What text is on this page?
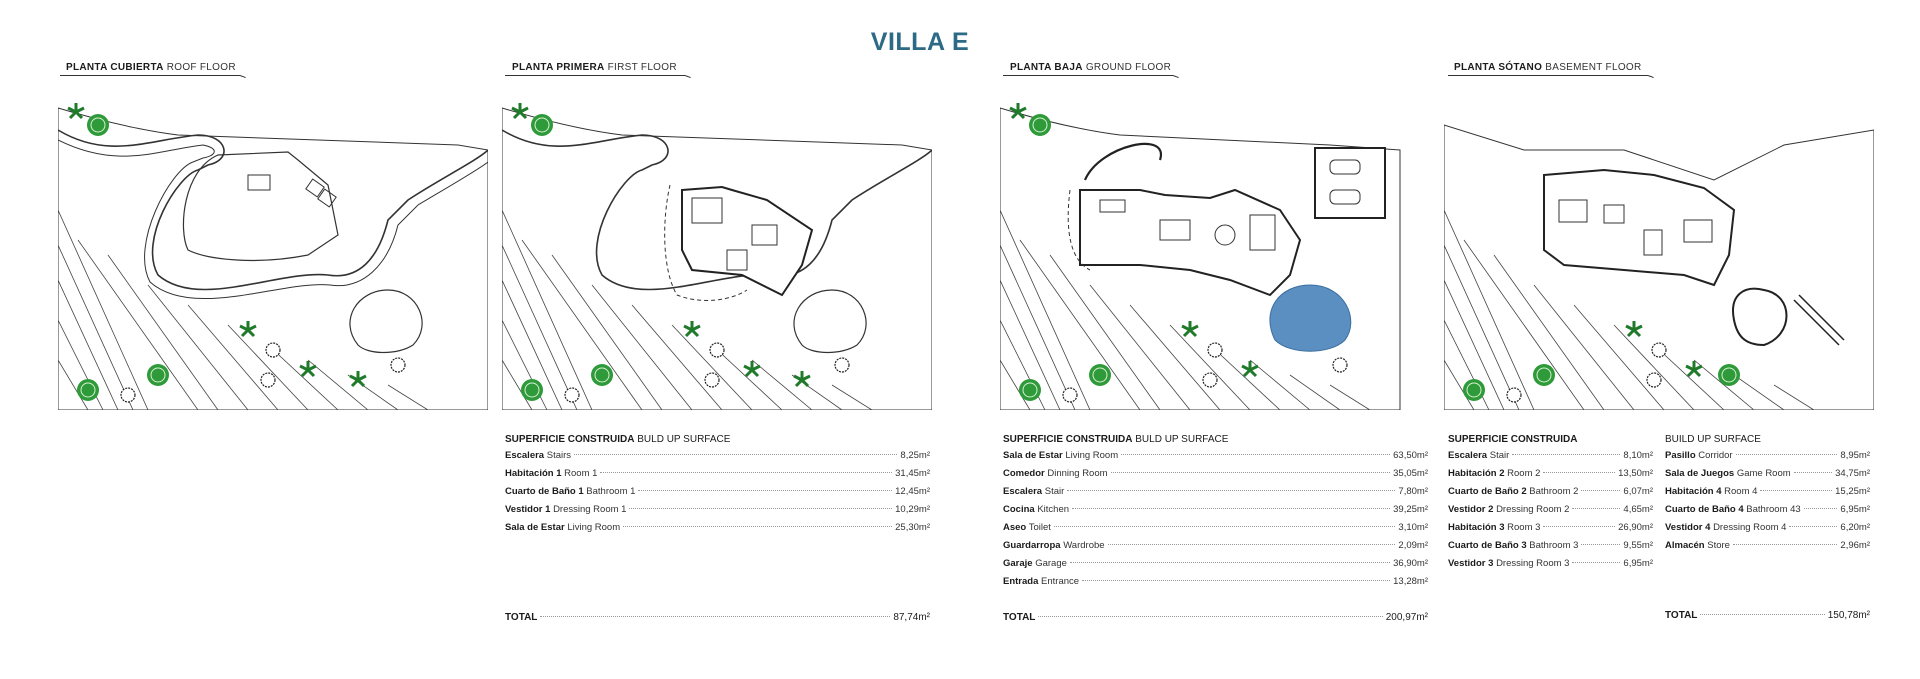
VILLA E
PLANTA CUBIERTA ROOF FLOOR	PLANTA PRIMERA FIRST FLOOR	PLANTA BAJA GROUND FLOOR	PLANTA SÓTANO BASEMENT FLOOR
SUPERFICIE CONSTRUIDA BULD UP SURFACE
Escalera Stairs	8,25m²
Habitación 1 Room 1	31,45m²
Cuarto de Baño 1 Bathroom 1	12,45m²
Vestidor 1 Dressing Room 1	10,29m²
Sala de Estar Living Room	25,30m²
TOTAL	87,74m²
SUPERFICIE CONSTRUIDA BULD UP SURFACE
Sala de Estar Living Room	63,50m²
Comedor Dinning Room	35,05m²
Escalera Stair	7,80m²
Cocina Kitchen	39,25m²
Aseo Toilet	3,10m²
Guardarropa Wardrobe	2,09m²
Garaje Garage	36,90m²
Entrada Entrance	13,28m²
TOTAL	200,97m²
SUPERFICIE CONSTRUIDA
Escalera Stair	8,10m²
Habitación 2 Room 2	13,50m²
Cuarto de Baño 2 Bathroom 2	6,07m²
Vestidor 2 Dressing Room 2	4,65m²
Habitación 3 Room 3	26,90m²
Cuarto de Baño 3 Bathroom 3	9,55m²
Vestidor 3 Dressing Room 3	6,95m²
BUILD UP SURFACE
Pasillo Corridor	8,95m²
Sala de Juegos Game Room	34,75m²
Habitación 4 Room 4	15,25m²
Cuarto de Baño 4 Bathroom 43	6,95m²
Vestidor 4 Dressing Room 4	6,20m²
Almacén Store	2,96m²
TOTAL	150,78m²
